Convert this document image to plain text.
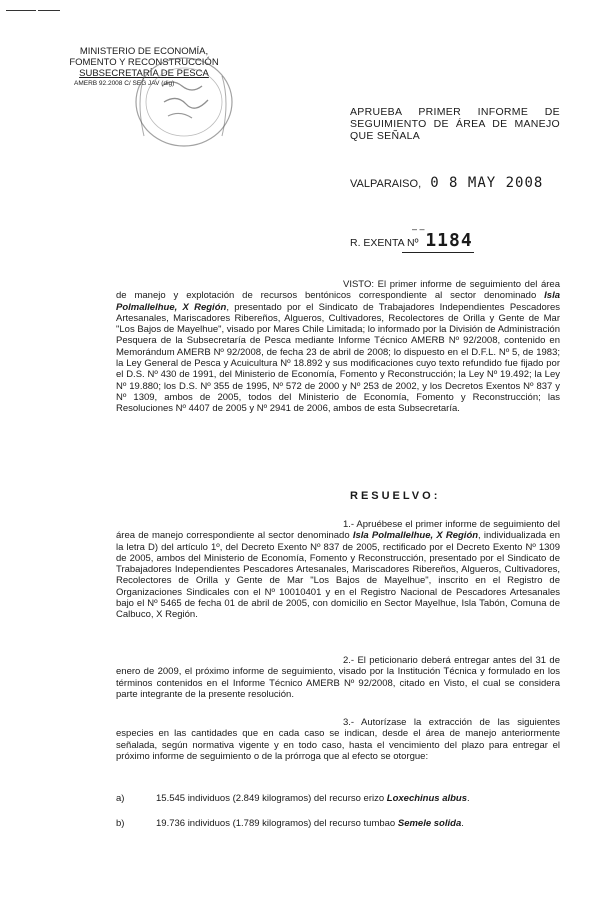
MINISTERIO DE ECONOMÍA,
FOMENTO Y RECONSTRUCCIÓN
SUBSECRETARÍA DE PESCA
AMERB 92.2008 C/ SEG JAV (dig)
APRUEBA PRIMER INFORME DE SEGUIMIENTO DE ÁREA DE MANEJO QUE SEÑALA
VALPARAISO, 0 8 MAY 2008
– –
R. EXENTA Nº 1184

VISTO: El primer informe de seguimiento del área de manejo y explotación de recursos bentónicos correspondiente al sector denominado Isla Polmallelhue, X Región, presentado por el Sindicato de Trabajadores Independientes Pescadores Artesanales, Mariscadores Ribereños, Algueros, Cultivadores, Recolectores de Orilla y Gente de Mar "Los Bajos de Mayelhue", visado por Mares Chile Limitada; lo informado por la División de Administración Pesquera de la Subsecretaría de Pesca mediante Informe Técnico AMERB Nº 92/2008, contenido en Memorándum AMERB Nº 92/2008, de fecha 23 de abril de 2008; lo dispuesto en el D.F.L. Nº 5, de 1983; la Ley General de Pesca y Acuicultura Nº 18.892 y sus modificaciones cuyo texto refundido fue fijado por el D.S. Nº 430 de 1991, del Ministerio de Economía, Fomento y Reconstrucción; la Ley Nº 19.492; la Ley Nº 19.880; los D.S. Nº 355 de 1995, Nº 572 de 2000 y Nº 253 de 2002, y los Decretos Exentos Nº 837 y Nº 1309, ambos de 2005, todos del Ministerio de Economía, Fomento y Reconstrucción; las Resoluciones Nº 4407 de 2005 y Nº 2941 de 2006, ambos de esta Subsecretaría.

RESUELVO:

1.- Apruébese el primer informe de seguimiento del área de manejo correspondiente al sector denominado Isla Polmallelhue, X Región, individualizada en la letra D) del artículo 1º, del Decreto Exento Nº 837 de 2005, rectificado por el Decreto Exento Nº 1309 de 2005, ambos del Ministerio de Economía, Fomento y Reconstrucción, presentado por el Sindicato de Trabajadores Independientes Pescadores Artesanales, Mariscadores Ribereños, Algueros, Cultivadores, Recolectores de Orilla y Gente de Mar "Los Bajos de Mayelhue", inscrito en el Registro de Organizaciones Sindicales con el Nº 10010401 y en el Registro Nacional de Pescadores Artesanales bajo el Nº 5465 de fecha 01 de abril de 2005, con domicilio en Sector Mayelhue, Isla Tabón, Comuna de Calbuco, X Región.

2.- El peticionario deberá entregar antes del 31 de enero de 2009, el próximo informe de seguimiento, visado por la Institución Técnica y formulado en los términos contenidos en el Informe Técnico AMERB Nº 92/2008, citado en Visto, el cual se considera parte integrante de la presente resolución.

3.- Autorízase la extracción de las siguientes especies en las cantidades que en cada caso se indican, desde el área de manejo anteriormente señalada, según normativa vigente y en todo caso, hasta el vencimiento del plazo para entregar el próximo informe de seguimiento o de la prórroga que al efecto se otorgue:

a)	15.545 individuos (2.849 kilogramos) del recurso erizo Loxechinus albus.
b)	19.736 individuos (1.789 kilogramos) del recurso tumbao Semele solida.
